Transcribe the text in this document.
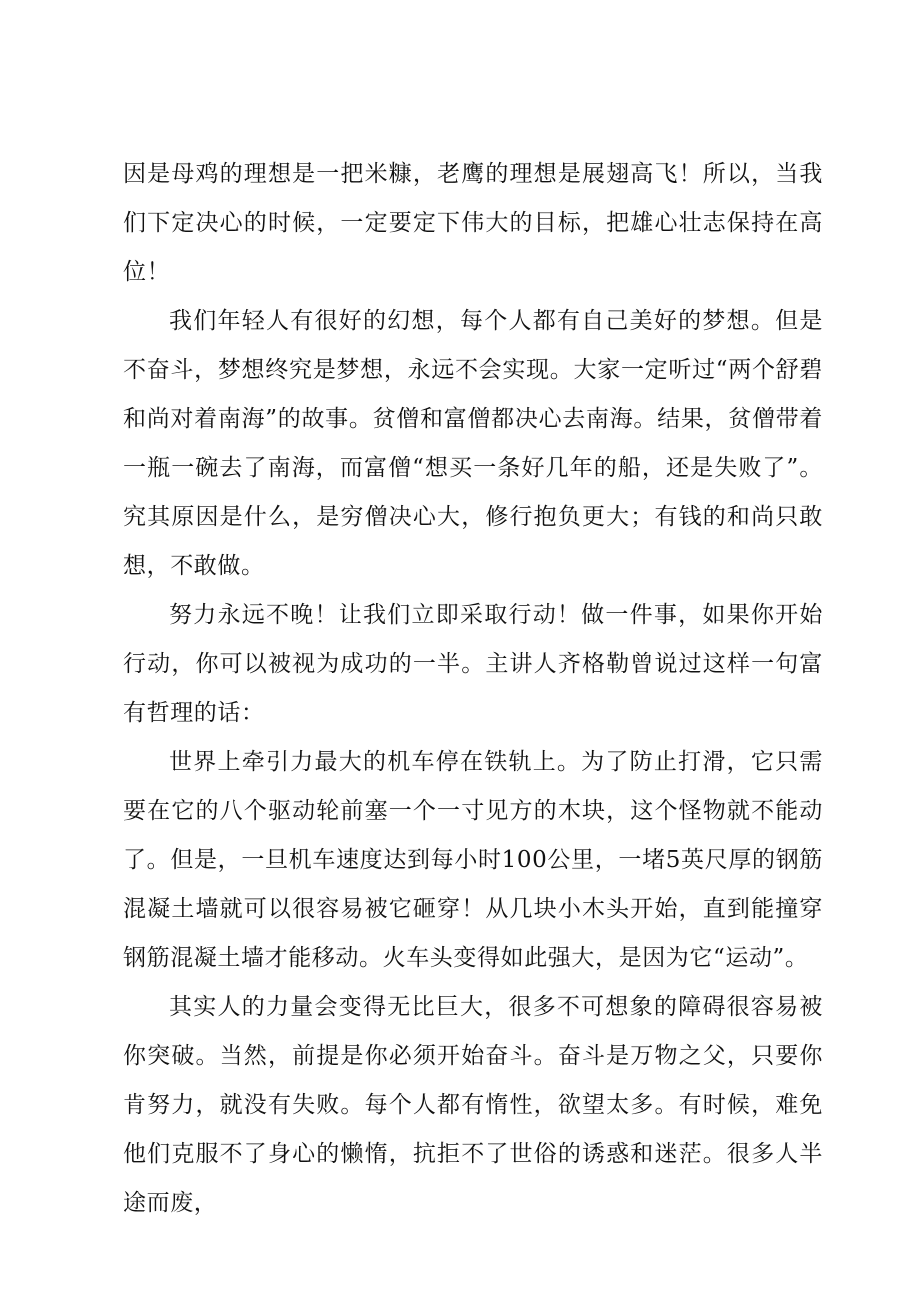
因是母鸡的理想是一把米糠，老鹰的理想是展翅高飞！所以，当我们下定决心的时候，一定要定下伟大的目标，把雄心壮志保持在高位！

我们年轻人有很好的幻想，每个人都有自己美好的梦想。但是不奋斗，梦想终究是梦想，永远不会实现。大家一定听过“两个舒碧和尚对着南海”的故事。贫僧和富僧都决心去南海。结果，贫僧带着一瓶一碗去了南海，而富僧“想买一条好几年的船，还是失败了”。究其原因是什么，是穷僧决心大，修行抱负更大；有钱的和尚只敢想，不敢做。

努力永远不晚！让我们立即采取行动！做一件事，如果你开始行动，你可以被视为成功的一半。主讲人齐格勒曾说过这样一句富有哲理的话：

世界上牵引力最大的机车停在铁轨上。为了防止打滑，它只需要在它的八个驱动轮前塞一个一寸见方的木块，这个怪物就不能动了。但是，一旦机车速度达到每小时100公里，一堵5英尺厚的钢筋混凝土墙就可以很容易被它砸穿！从几块小木头开始，直到能撞穿钢筋混凝土墙才能移动。火车头变得如此强大，是因为它“运动”。

其实人的力量会变得无比巨大，很多不可想象的障碍很容易被你突破。当然，前提是你必须开始奋斗。奋斗是万物之父，只要你肯努力，就没有失败。每个人都有惰性，欲望太多。有时候，难免他们克服不了身心的懒惰，抗拒不了世俗的诱惑和迷茫。很多人半途而废，
